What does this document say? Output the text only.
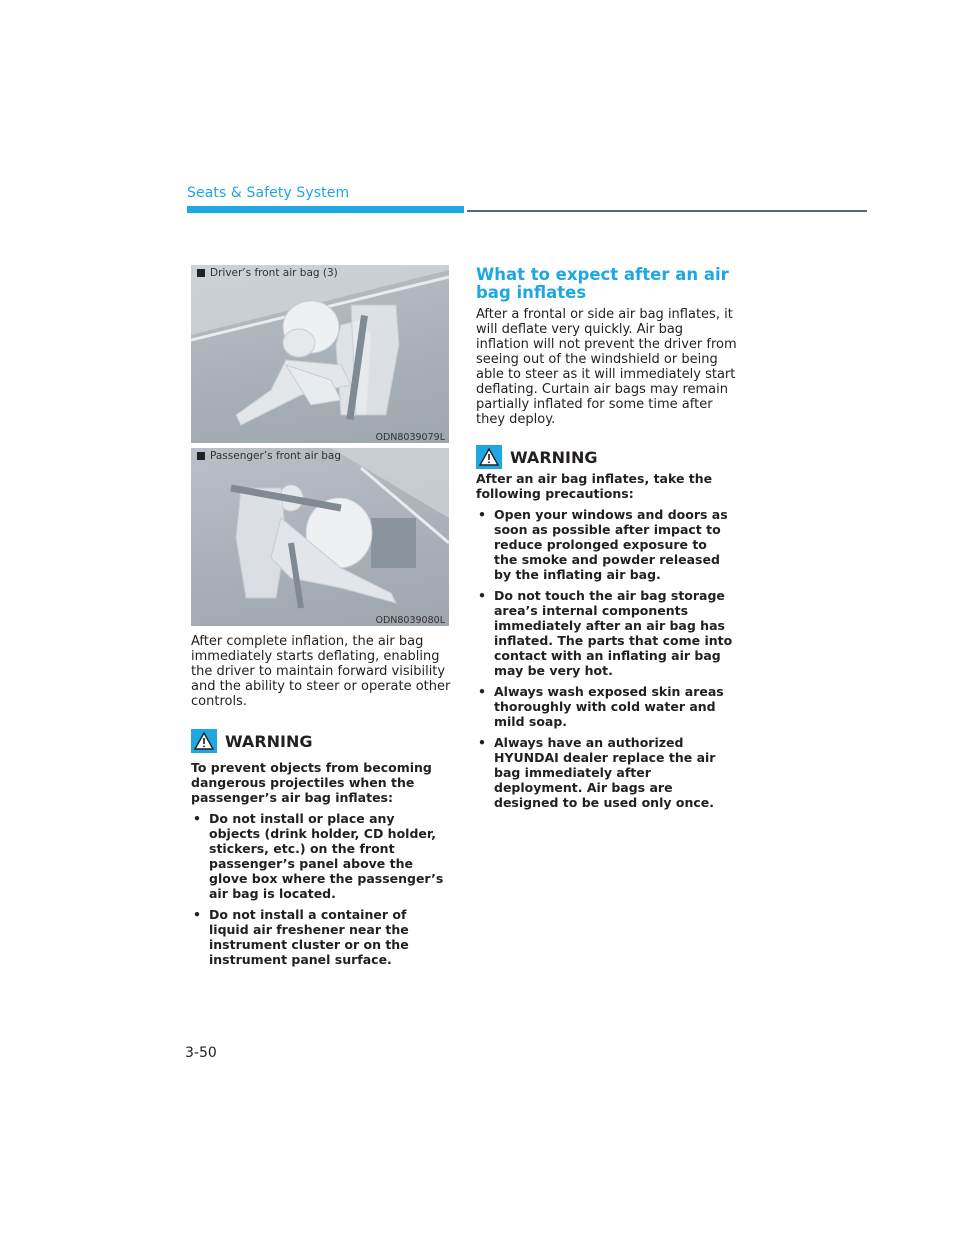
Seats & Safety System
Driver’s front air bag (3)
ODN8039079L
Passenger’s front air bag
ODN8039080L
After complete inflation, the air bag immediately starts deflating, enabling the driver to maintain forward visibility and the ability to steer or operate other controls.
WARNING
To prevent objects from becoming dangerous projectiles when the passenger’s air bag inflates:
• Do not install or place any objects (drink holder, CD holder, stickers, etc.) on the front passenger’s panel above the glove box where the passenger’s air bag is located.
• Do not install a container of liquid air freshener near the instrument cluster or on the instrument panel surface.
What to expect after an air bag inflates
After a frontal or side air bag inflates, it will deflate very quickly. Air bag inflation will not prevent the driver from seeing out of the windshield or being able to steer as it will immediately start deflating. Curtain air bags may remain partially inflated for some time after they deploy.
WARNING
After an air bag inflates, take the following precautions:
• Open your windows and doors as soon as possible after impact to reduce prolonged exposure to the smoke and powder released by the inflating air bag.
• Do not touch the air bag storage area’s internal components immediately after an air bag has inflated. The parts that come into contact with an inflating air bag may be very hot.
• Always wash exposed skin areas thoroughly with cold water and mild soap.
• Always have an authorized HYUNDAI dealer replace the air bag immediately after deployment. Air bags are designed to be used only once.
3-50
